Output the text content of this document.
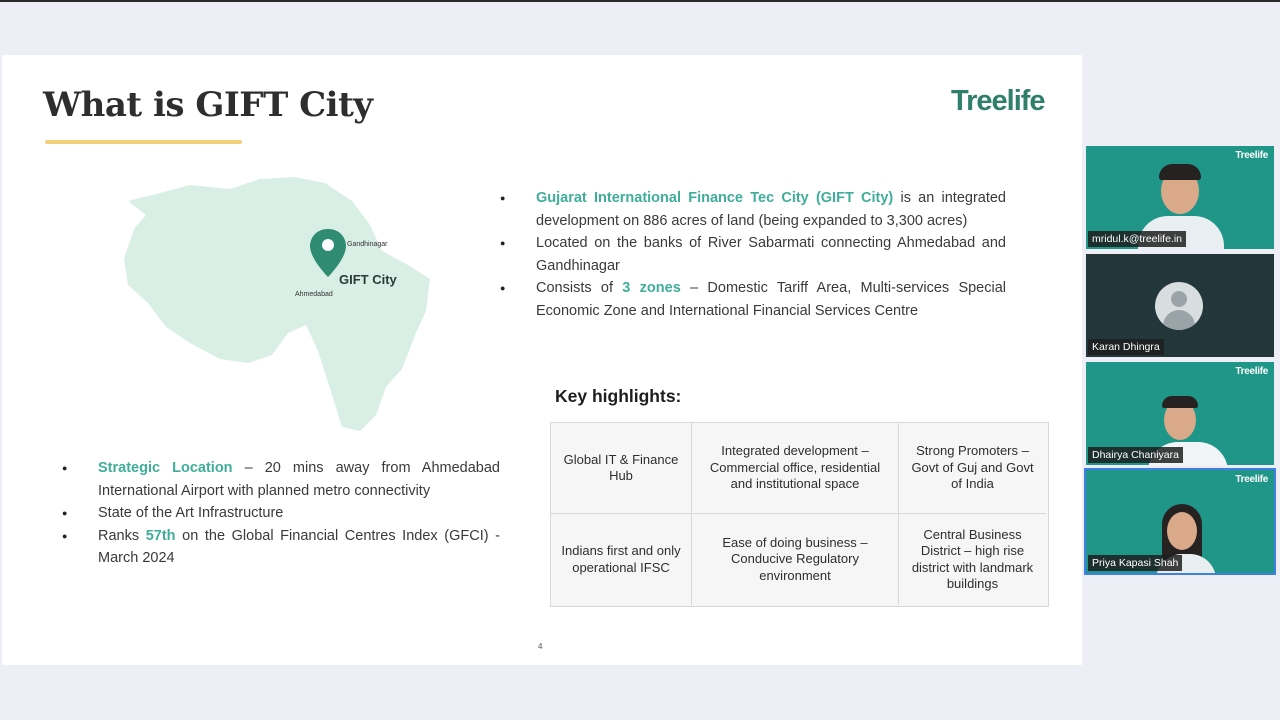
What is GIFT City	Treelife
Gandhinagar
GIFT City
Ahmedabad
● Gujarat International Finance Tec City (GIFT City) is an integrated development on 886 acres of land (being expanded to 3,300 acres)
● Located on the banks of River Sabarmati connecting Ahmedabad and Gandhinagar
● Consists of 3 zones – Domestic Tariff Area, Multi-services Special Economic Zone and International Financial Services Centre
● Strategic Location – 20 mins away from Ahmedabad International Airport with planned metro connectivity
● State of the Art Infrastructure
● Ranks 57th on the Global Financial Centres Index (GFCI) - March 2024
Key highlights:
Global IT & Finance Hub
Integrated development – Commercial office, residential and institutional space
Strong Promoters – Govt of Guj and Govt of India
Indians first and only operational IFSC
Ease of doing business – Conducive Regulatory environment
Central Business District – high rise district with landmark buildings
4
Treelife
mridul.k@treelife.in
Karan Dhingra
Treelife
Dhairya Chaniyara
Treelife
Priya Kapasi Shah
